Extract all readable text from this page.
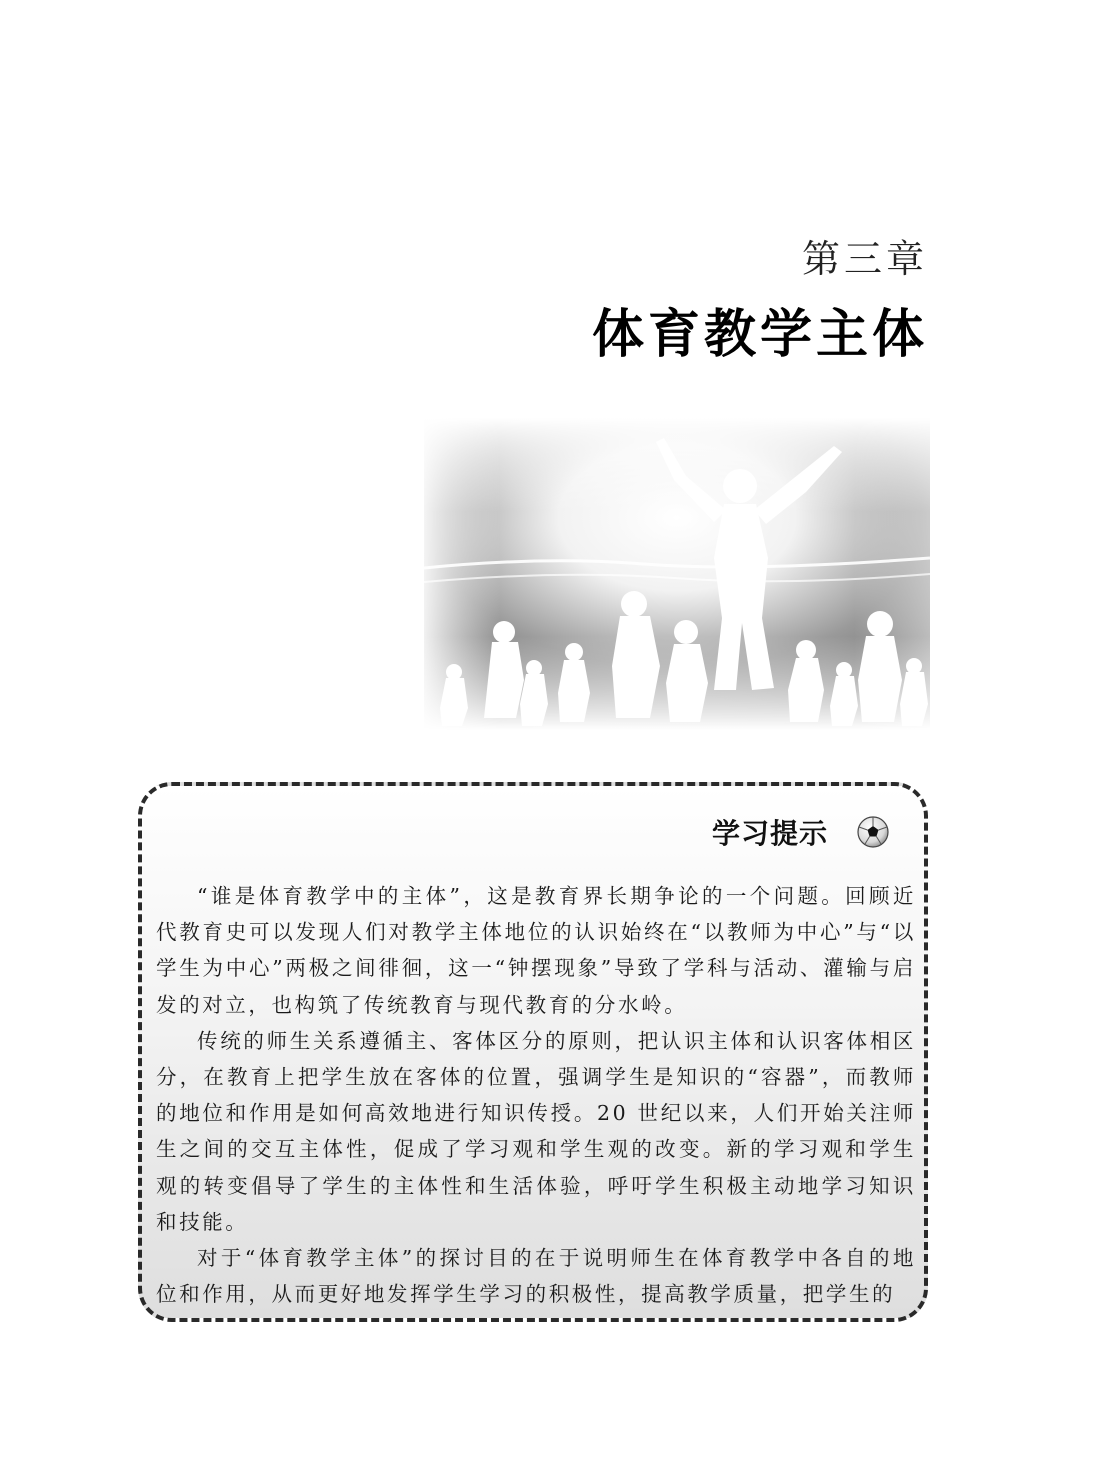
第三章
体育教学主体
学习提示

“谁是体育教学中的主体”，这是教育界长期争论的一个问题。回顾近代教育史可以发现人们对教学主体地位的认识始终在“以教师为中心”与“以学生为中心”两极之间徘徊，这一“钟摆现象”导致了学科与活动、灌输与启发的对立，也构筑了传统教育与现代教育的分水岭。

传统的师生关系遵循主、客体区分的原则，把认识主体和认识客体相区分，在教育上把学生放在客体的位置，强调学生是知识的“容器”，而教师的地位和作用是如何高效地进行知识传授。20 世纪以来，人们开始关注师生之间的交互主体性，促成了学习观和学生观的改变。新的学习观和学生观的转变倡导了学生的主体性和生活体验，呼吁学生积极主动地学习知识和技能。

对于“体育教学主体”的探讨目的在于说明师生在体育教学中各自的地位和作用，从而更好地发挥学生学习的积极性，提高教学质量，把学生的
